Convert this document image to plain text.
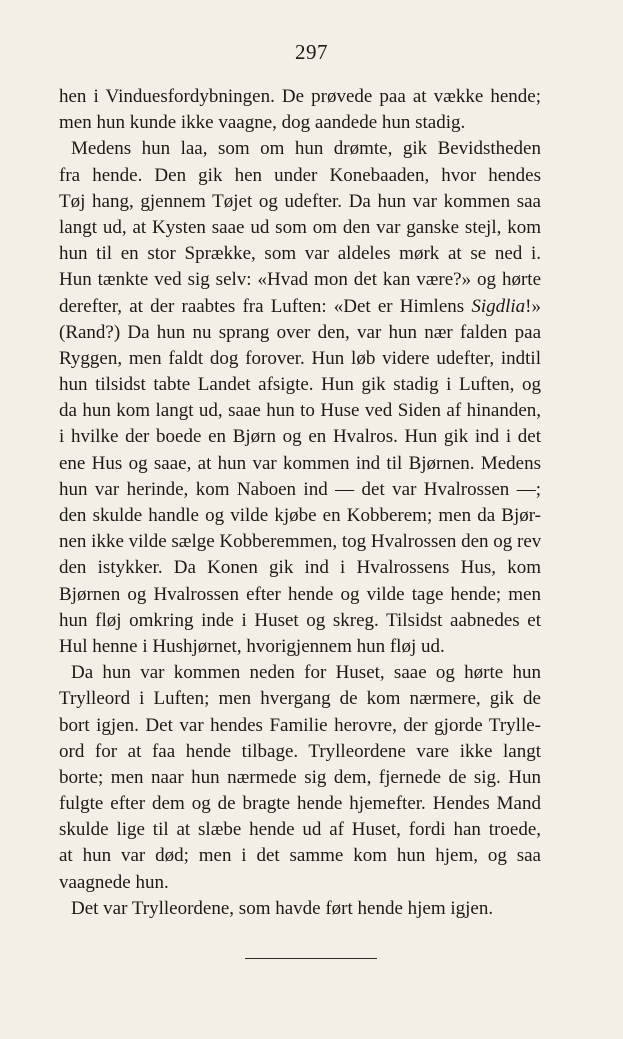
297
hen i Vinduesfordybningen. De prøvede paa at vække hende;
men hun kunde ikke vaagne, dog aandede hun stadig.
Medens hun laa, som om hun drømte, gik Bevidstheden
fra hende. Den gik hen under Konebaaden, hvor hendes
Tøj hang, gjennem Tøjet og udefter. Da hun var kommen saa
langt ud, at Kysten saae ud som om den var ganske stejl, kom
hun til en stor Sprække, som var aldeles mørk at se ned i.
Hun tænkte ved sig selv: «Hvad mon det kan være?» og hørte
derefter, at der raabtes fra Luften: «Det er Himlens Sigdlia!»
(Rand?) Da hun nu sprang over den, var hun nær falden paa
Ryggen, men faldt dog forover. Hun løb videre udefter, indtil
hun tilsidst tabte Landet afsigte. Hun gik stadig i Luften, og
da hun kom langt ud, saae hun to Huse ved Siden af hinanden,
i hvilke der boede en Bjørn og en Hvalros. Hun gik ind i det
ene Hus og saae, at hun var kommen ind til Bjørnen. Medens
hun var herinde, kom Naboen ind — det var Hvalrossen —;
den skulde handle og vilde kjøbe en Kobberem; men da Bjør-
nen ikke vilde sælge Kobberemmen, tog Hvalrossen den og rev
den istykker. Da Konen gik ind i Hvalrossens Hus, kom
Bjørnen og Hvalrossen efter hende og vilde tage hende; men
hun fløj omkring inde i Huset og skreg. Tilsidst aabnedes et
Hul henne i Hushjørnet, hvorigjennem hun fløj ud.
Da hun var kommen neden for Huset, saae og hørte hun
Trylleord i Luften; men hvergang de kom nærmere, gik de
bort igjen. Det var hendes Familie herovre, der gjorde Trylle-
ord for at faa hende tilbage. Trylleordene vare ikke langt
borte; men naar hun nærmede sig dem, fjernede de sig. Hun
fulgte efter dem og de bragte hende hjemefter. Hendes Mand
skulde lige til at slæbe hende ud af Huset, fordi han troede,
at hun var død; men i det samme kom hun hjem, og saa
vaagnede hun.
Det var Trylleordene, som havde ført hende hjem igjen.
